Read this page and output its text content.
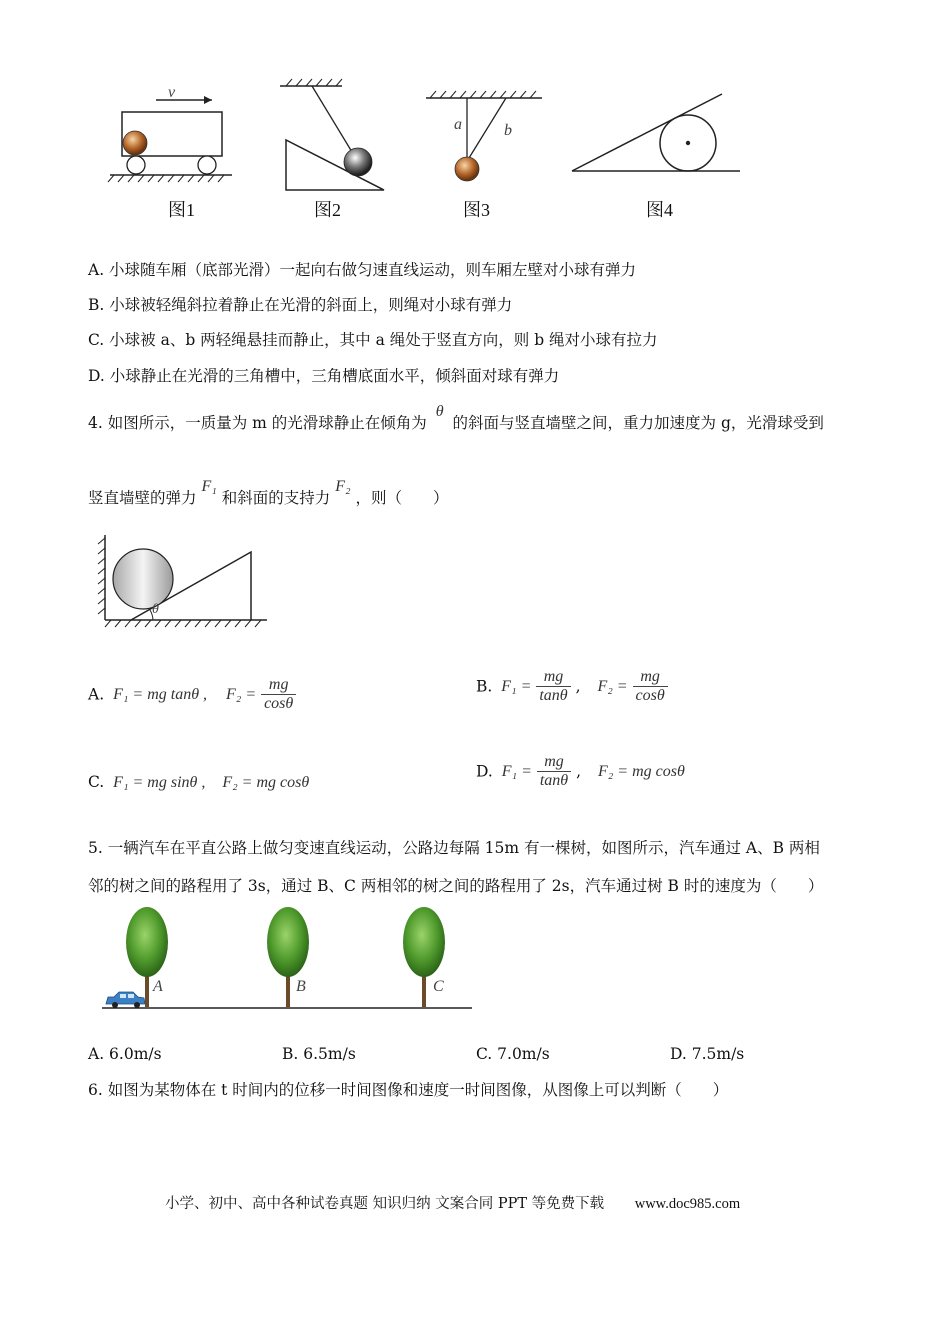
v
a	b
图1	图2	图3	图4
A. 小球随车厢（底部光滑）一起向右做匀速直线运动，则车厢左壁对小球有弹力
B. 小球被轻绳斜拉着静止在光滑的斜面上，则绳对小球有弹力
C. 小球被 a、b 两轻绳悬挂而静止，其中 a 绳处于竖直方向，则 b 绳对小球有拉力
D. 小球静止在光滑的三角槽中，三角槽底面水平，倾斜面对球有弹力
4. 如图所示，一质量为 m 的光滑球静止在倾角为 θ 的斜面与竖直墙壁之间，重力加速度为 g，光滑球受到
竖直墙壁的弹力 F₁ 和斜面的支持力 F₂ ，则（　　）
θ
A. F₁ = mg tanθ , $F_2 = \frac{mg}{\cos\theta}$	B. $F_1 = \frac{mg}{\tan\theta}$ , $F_2 = \frac{mg}{\cos\theta}$
C. F₁ = mg sinθ , F₂ = mg cosθ
D. $F_1 = \frac{mg}{\tan\theta}$ , F₂ = mg cosθ
5. 一辆汽车在平直公路上做匀变速直线运动，公路边每隔 15m 有一棵树，如图所示，汽车通过 A、B 两相
邻的树之间的路程用了 3s，通过 B、C 两相邻的树之间的路程用了 2s，汽车通过树 B 时的速度为（　　）
A	B	C
A. 6.0m/s	B. 6.5m/s	C. 7.0m/s	D. 7.5m/s
6. 如图为某物体在 t 时间内的位移一时间图像和速度一时间图像，从图像上可以判断（　　）
小学、初中、高中各种试卷真题 知识归纳 文案合同 PPT 等免费下载 www.doc985.com
